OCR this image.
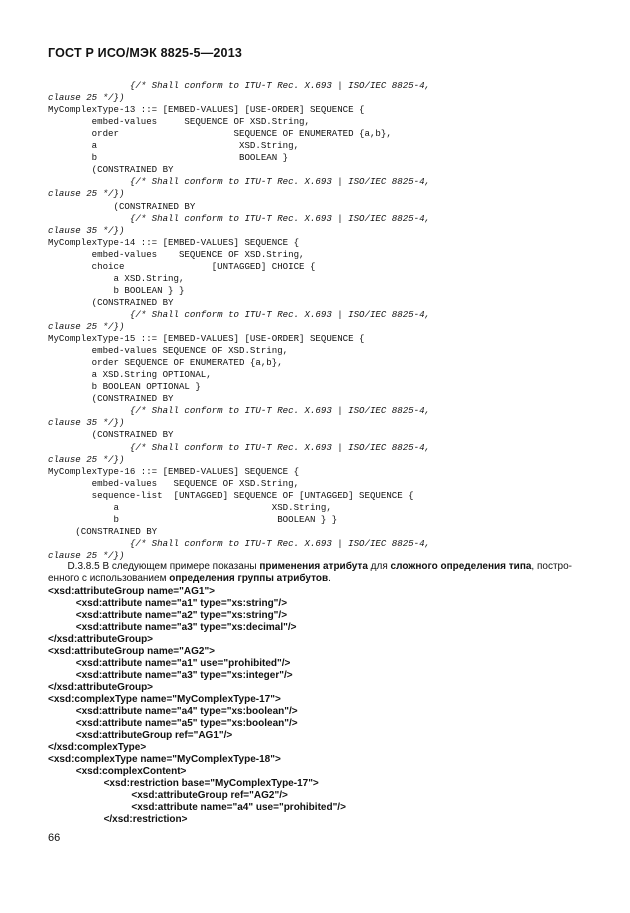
ГОСТ Р ИСО/МЭК 8825-5—2013
{/* Shall conform to ITU-T Rec. X.693 | ISO/IEC 8825-4,
clause 25 */})
MyComplexType-13 ::= [EMBED-VALUES] [USE-ORDER] SEQUENCE {
embed-values     SEQUENCE OF XSD.String,
order                     SEQUENCE OF ENUMERATED {a,b},
a                          XSD.String,
b                          BOOLEAN }
(CONSTRAINED BY
{/* Shall conform to ITU-T Rec. X.693 | ISO/IEC 8825-4,
clause 25 */})
(CONSTRAINED BY
{/* Shall conform to ITU-T Rec. X.693 | ISO/IEC 8825-4,
clause 35 */})
MyComplexType-14 ::= [EMBED-VALUES] SEQUENCE {
embed-values    SEQUENCE OF XSD.String,
choice                [UNTAGGED] CHOICE {
a XSD.String,
b BOOLEAN } }
(CONSTRAINED BY
{/* Shall conform to ITU-T Rec. X.693 | ISO/IEC 8825-4,
clause 25 */})
MyComplexType-15 ::= [EMBED-VALUES] [USE-ORDER] SEQUENCE {
embed-values SEQUENCE OF XSD.String,
order SEQUENCE OF ENUMERATED {a,b},
a XSD.String OPTIONAL,
b BOOLEAN OPTIONAL }
(CONSTRAINED BY
{/* Shall conform to ITU-T Rec. X.693 | ISO/IEC 8825-4,
clause 35 */})
(CONSTRAINED BY
{/* Shall conform to ITU-T Rec. X.693 | ISO/IEC 8825-4,
clause 25 */})
MyComplexType-16 ::= [EMBED-VALUES] SEQUENCE {
embed-values   SEQUENCE OF XSD.String,
sequence-list  [UNTAGGED] SEQUENCE OF [UNTAGGED] SEQUENCE {
a                            XSD.String,
b                             BOOLEAN } }
(CONSTRAINED BY
{/* Shall conform to ITU-T Rec. X.693 | ISO/IEC 8825-4,
clause 25 */})
D.3.8.5 В следующем примере показаны применения атрибута для сложного определения типа, постро-
енного с использованием определения группы атрибутов.
<xsd:attributeGroup name="AG1">
<xsd:attribute name="a1" type="xs:string"/>
<xsd:attribute name="a2" type="xs:string"/>
<xsd:attribute name="a3" type="xs:decimal"/>
</xsd:attributeGroup>
<xsd:attributeGroup name="AG2">
<xsd:attribute name="a1" use="prohibited"/>
<xsd:attribute name="a3" type="xs:integer"/>
</xsd:attributeGroup>
<xsd:complexType name="MyComplexType-17">
<xsd:attribute name="a4" type="xs:boolean"/>
<xsd:attribute name="a5" type="xs:boolean"/>
<xsd:attributeGroup ref="AG1"/>
</xsd:complexType>
<xsd:complexType name="MyComplexType-18">
<xsd:complexContent>
<xsd:restriction base="MyComplexType-17">
<xsd:attributeGroup ref="AG2"/>
<xsd:attribute name="a4" use="prohibited"/>
</xsd:restriction>
66
